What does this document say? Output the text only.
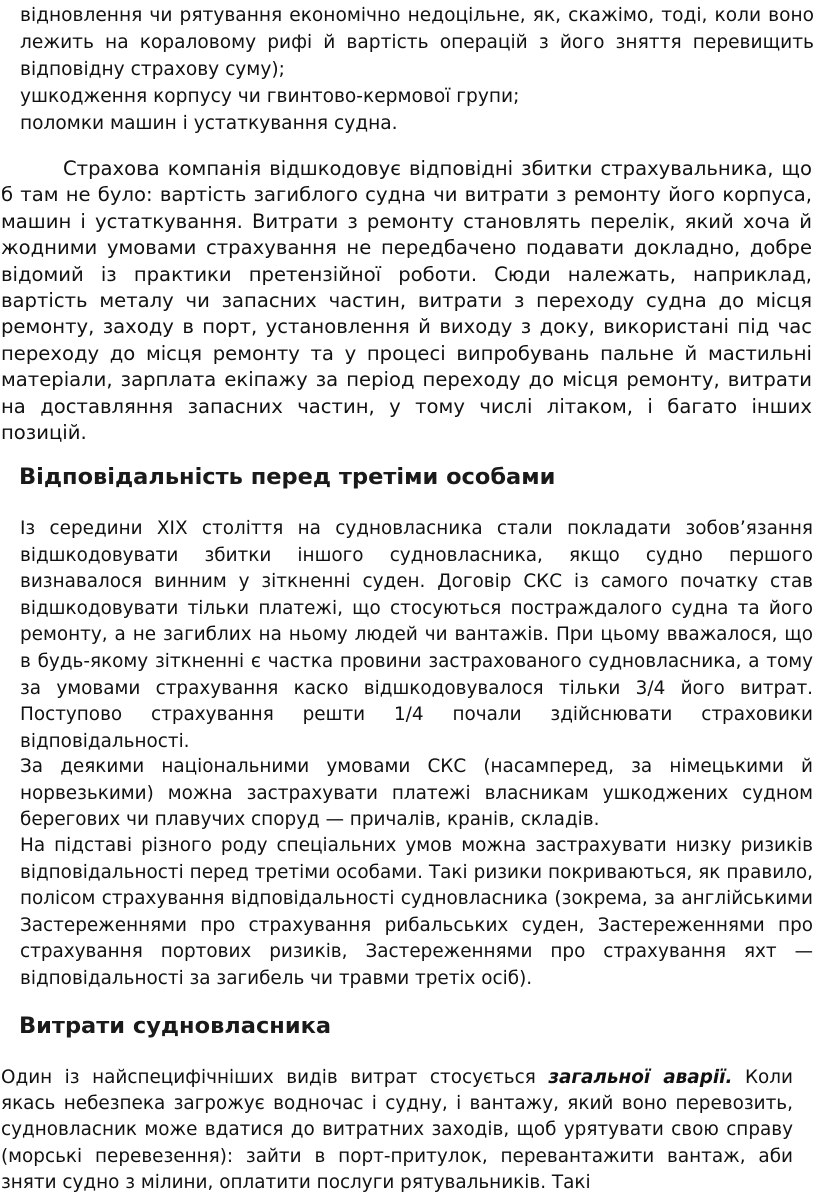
відновлення чи рятування економічно недоцільне, як, скажімо, тоді, коли воно лежить на кораловому рифі й вартість операцій з його зняття перевищить відповідну страхову суму);

ушкодження корпусу чи гвинтово-кермової групи;

поломки машин і устаткування судна.

Страхова компанія відшкодовує відповідні збитки страхувальника, що б там не було: вартість загиблого судна чи витрати з ремонту його корпуса, машин і устаткування. Витрати з ремонту становлять перелік, який хоча й жодними умовами страхування не передбачено подавати докладно, добре відомий із практики претензійної роботи. Сюди належать, наприклад, вартість металу чи запасних частин, витрати з переходу судна до місця ремонту, заходу в порт, установлення й виходу з доку, використані під час переходу до місця ремонту та у процесі випробувань пальне й мастильні матеріали, зарплата екіпажу за період переходу до місця ремонту, витрати на доставляння запасних частин, у тому числі літаком, і багато інших позицій.

Відповідальність перед третіми особами

Із середини XIX століття на судновласника стали покладати зобов’язання відшкодовувати збитки іншого судновласника, якщо судно першого визнавалося винним у зіткненні суден. Договір СКС із самого початку став відшкодовувати тільки платежі, що стосуються постраждалого судна та його ремонту, а не загиблих на ньому людей чи вантажів. При цьому вважалося, що в будь-якому зіткненні є частка провини застрахованого судновласника, а тому за умовами страхування каско відшкодовувалося тільки 3/4 його витрат. Поступово страхування решти 1/4 почали здійснювати страховики відповідальності.

За деякими національними умовами СКС (насамперед, за німецькими й норвезькими) можна застрахувати платежі власникам ушкоджених судном берегових чи плавучих споруд — причалів, кранів, складів.

На підставі різного роду спеціальних умов можна застрахувати низку ризиків відповідальності перед третіми особами. Такі ризики покриваються, як правило, полісом страхування відповідальності судновласника (зокрема, за англійськими Застереженнями про страхування рибальських суден, Застереженнями про страхування портових ризиків, Застереженнями про страхування яхт — відповідальності за загибель чи травми третіх осіб).

Витрати судновласника

Один із найспецифічніших видів витрат стосується загальної аварії. Коли якась небезпека загрожує водночас і судну, і вантажу, який воно перевозить, судновласник може вдатися до витратних заходів, щоб урятувати свою справу (морські перевезення): зайти в порт-притулок, перевантажити вантаж, аби зняти судно з мілини, оплатити послуги рятувальників. Такі
